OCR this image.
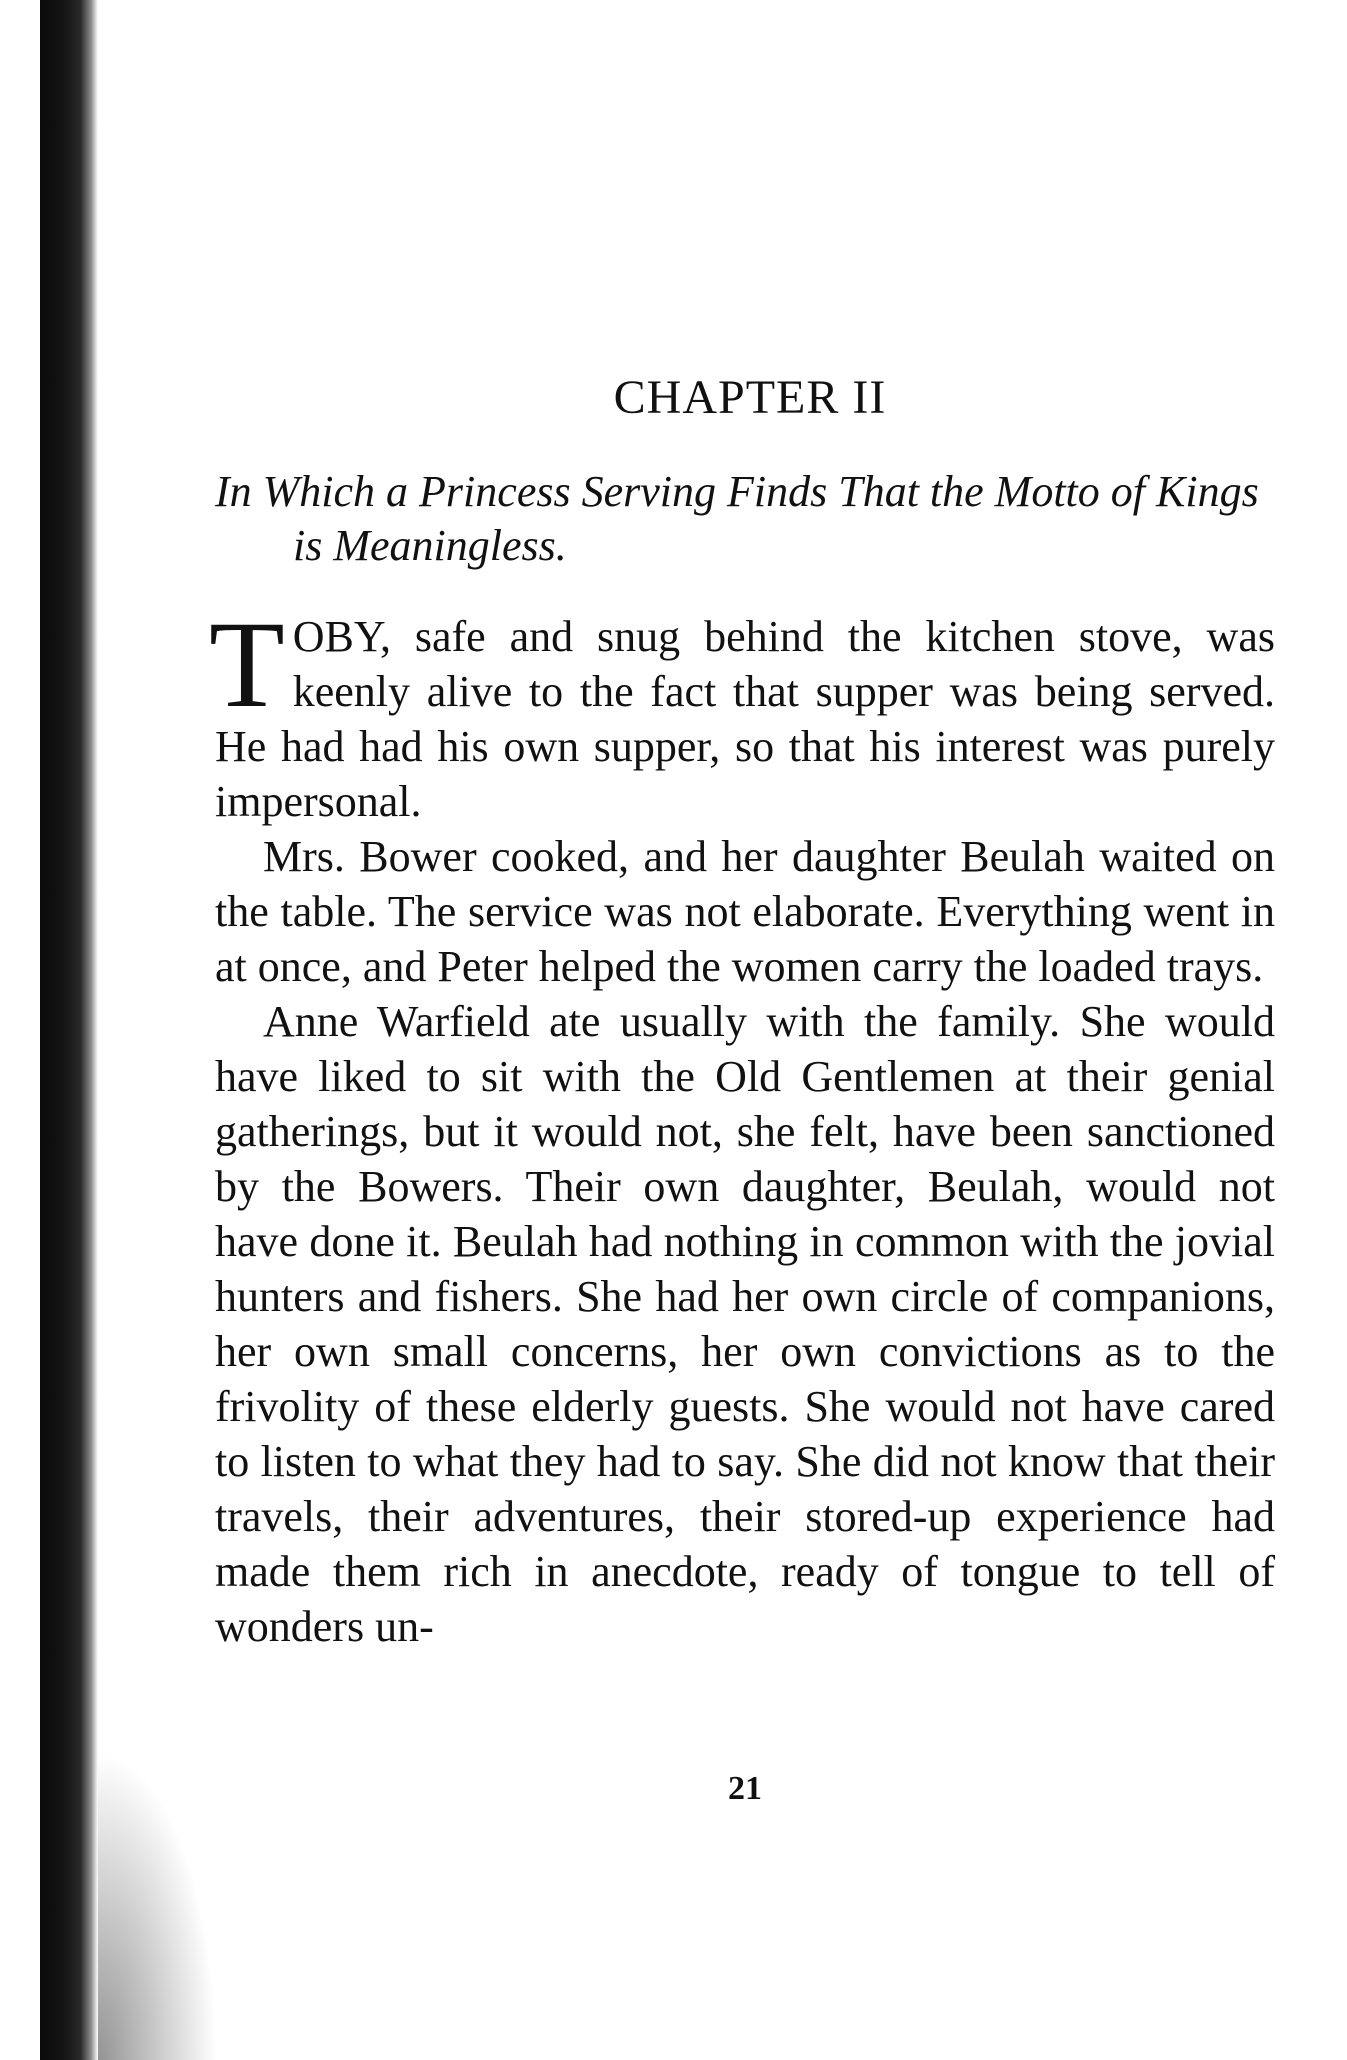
CHAPTER II
In Which a Princess Serving Finds That the Motto of Kings is Meaningless.

TOBY, safe and snug behind the kitchen stove, was keenly alive to the fact that supper was being served. He had had his own supper, so that his interest was purely impersonal.

Mrs. Bower cooked, and her daughter Beulah waited on the table. The service was not elaborate. Everything went in at once, and Peter helped the women carry the loaded trays.

Anne Warfield ate usually with the family. She would have liked to sit with the Old Gentlemen at their genial gatherings, but it would not, she felt, have been sanctioned by the Bowers. Their own daughter, Beulah, would not have done it. Beulah had nothing in common with the jovial hunters and fishers. She had her own circle of companions, her own small concerns, her own convictions as to the frivolity of these elderly guests. She would not have cared to listen to what they had to say. She did not know that their travels, their adventures, their stored-up experience had made them rich in anecdote, ready of tongue to tell of wonders un-

21
